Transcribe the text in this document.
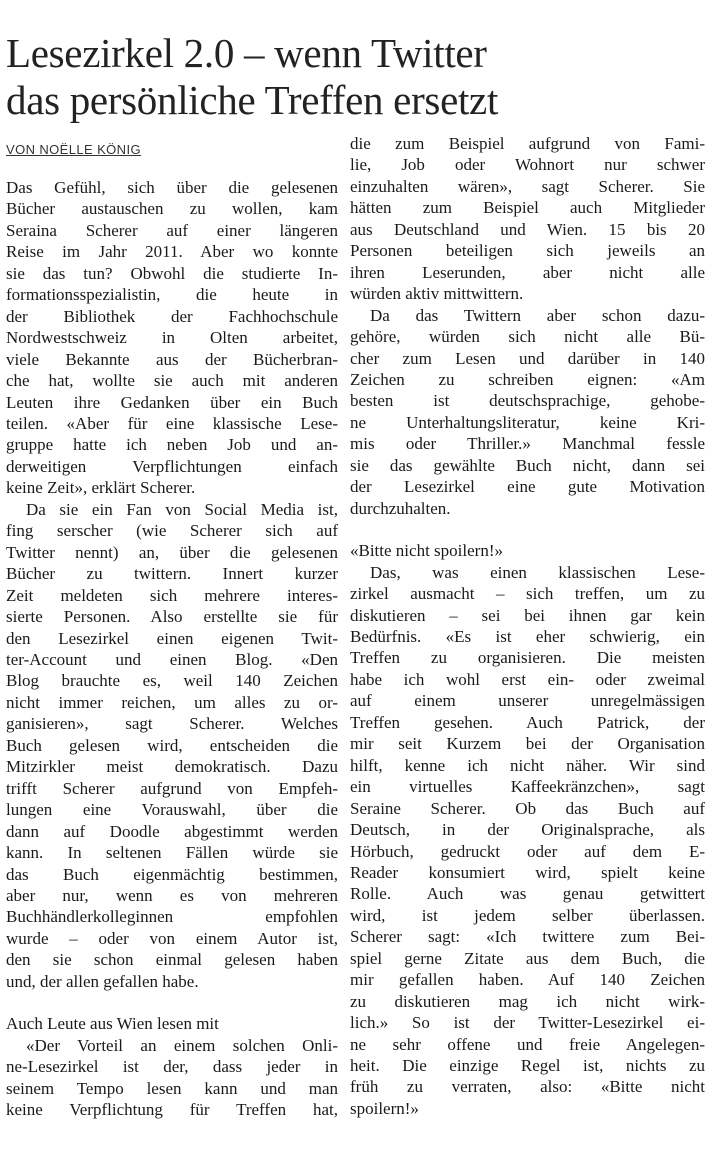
Lesezirkel 2.0 – wenn Twitter
das persönliche Treffen ersetzt
VON NOËLLE KÖNIG
Das Gefühl, sich über die gelesenen
Bücher austauschen zu wollen, kam
Seraina Scherer auf einer längeren
Reise im Jahr 2011. Aber wo konnte
sie das tun? Obwohl die studierte In-
formationsspezialistin, die heute in
der Bibliothek der Fachhochschule
Nordwestschweiz in Olten arbeitet,
viele Bekannte aus der Bücherbran-
che hat, wollte sie auch mit anderen
Leuten ihre Gedanken über ein Buch
teilen. «Aber für eine klassische Lese-
gruppe hatte ich neben Job und an-
derweitigen Verpflichtungen einfach
keine Zeit», erklärt Scherer.
Da sie ein Fan von Social Media ist,
fing serscher (wie Scherer sich auf
Twitter nennt) an, über die gelesenen
Bücher zu twittern. Innert kurzer
Zeit meldeten sich mehrere interes-
sierte Personen. Also erstellte sie für
den Lesezirkel einen eigenen Twit-
ter-Account und einen Blog. «Den
Blog brauchte es, weil 140 Zeichen
nicht immer reichen, um alles zu or-
ganisieren», sagt Scherer. Welches
Buch gelesen wird, entscheiden die
Mitzirkler meist demokratisch. Dazu
trifft Scherer aufgrund von Empfeh-
lungen eine Vorauswahl, über die
dann auf Doodle abgestimmt werden
kann. In seltenen Fällen würde sie
das Buch eigenmächtig bestimmen,
aber nur, wenn es von mehreren
Buchhändlerkolleginnen empfohlen
wurde – oder von einem Autor ist,
den sie schon einmal gelesen haben
und, der allen gefallen habe.
Auch Leute aus Wien lesen mit
«Der Vorteil an einem solchen Onli-
ne-Lesezirkel ist der, dass jeder in
seinem Tempo lesen kann und man
keine Verpflichtung für Treffen hat,
die zum Beispiel aufgrund von Fami-
lie, Job oder Wohnort nur schwer
einzuhalten wären», sagt Scherer. Sie
hätten zum Beispiel auch Mitglieder
aus Deutschland und Wien. 15 bis 20
Personen beteiligen sich jeweils an
ihren Leserunden, aber nicht alle
würden aktiv mittwittern.
Da das Twittern aber schon dazu-
gehöre, würden sich nicht alle Bü-
cher zum Lesen und darüber in 140
Zeichen zu schreiben eignen: «Am
besten ist deutschsprachige, gehobe-
ne Unterhaltungsliteratur, keine Kri-
mis oder Thriller.» Manchmal fessle
sie das gewählte Buch nicht, dann sei
der Lesezirkel eine gute Motivation
durchzuhalten.
«Bitte nicht spoilern!»
Das, was einen klassischen Lese-
zirkel ausmacht – sich treffen, um zu
diskutieren – sei bei ihnen gar kein
Bedürfnis. «Es ist eher schwierig, ein
Treffen zu organisieren. Die meisten
habe ich wohl erst ein- oder zweimal
auf einem unserer unregelmässigen
Treffen gesehen. Auch Patrick, der
mir seit Kurzem bei der Organisation
hilft, kenne ich nicht näher. Wir sind
ein virtuelles Kaffeekränzchen», sagt
Seraine Scherer. Ob das Buch auf
Deutsch, in der Originalsprache, als
Hörbuch, gedruckt oder auf dem E-
Reader konsumiert wird, spielt keine
Rolle. Auch was genau getwittert
wird, ist jedem selber überlassen.
Scherer sagt: «Ich twittere zum Bei-
spiel gerne Zitate aus dem Buch, die
mir gefallen haben. Auf 140 Zeichen
zu diskutieren mag ich nicht wirk-
lich.» So ist der Twitter-Lesezirkel ei-
ne sehr offene und freie Angelegen-
heit. Die einzige Regel ist, nichts zu
früh zu verraten, also: «Bitte nicht
spoilern!»
